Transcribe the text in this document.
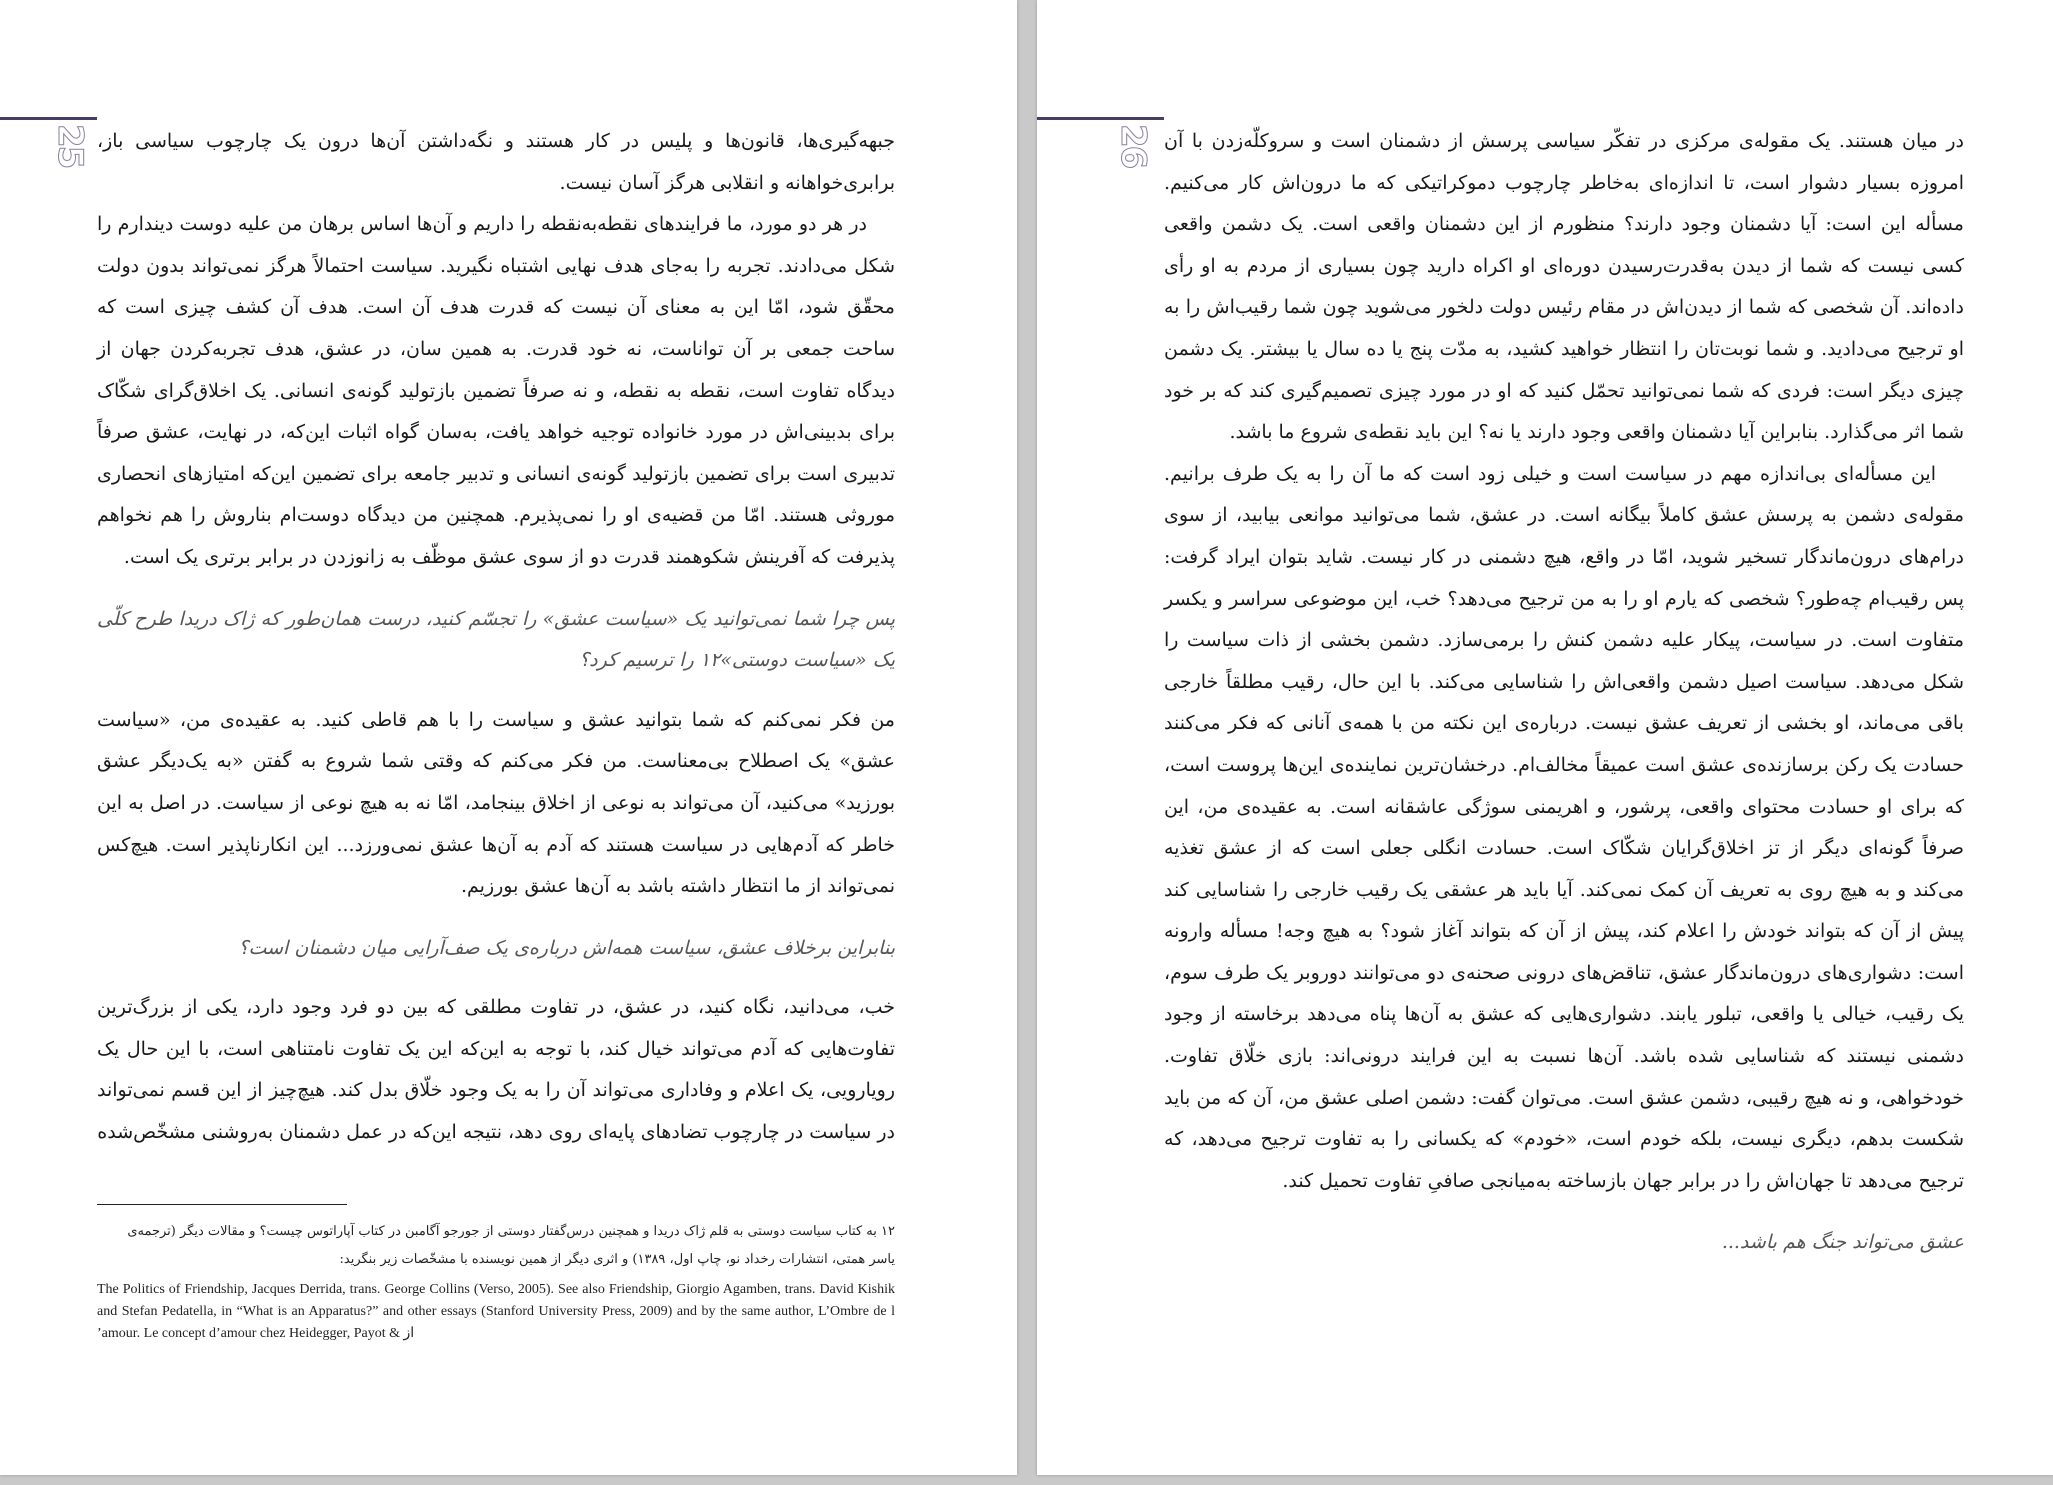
25 جبهه‌گیری‌ها، قانون‌ها و پلیس در کار هستند و نگه‌داشتن آن‌ها درون یک چارچوب سیاسی باز، برابری‌خواهانه و انقلابی هرگز آسان نیست.

در هر دو مورد، ما فرایندهای نقطه‌به‌نقطه را داریم و آن‌ها اساس برهان من علیه دوست دیندارم را شکل می‌دادند. تجربه را به‌جای هدف نهایی اشتباه نگیرید. سیاست احتمالاً هرگز نمی‌تواند بدون دولت محقّق شود، امّا این به معنای آن نیست که قدرت هدف آن است. هدف آن کشف چیزی است که ساحت جمعی بر آن تواناست، نه خود قدرت. به همین سان، در عشق، هدف تجربه‌کردن جهان از دیدگاه تفاوت است، نقطه به نقطه، و نه صرفاً تضمین بازتولید گونه‌ی انسانی. یک اخلاق‌گرای شکّاک برای بدبینی‌اش در مورد خانواده توجیه خواهد یافت، به‌سان گواه اثبات این‌که، در نهایت، عشق صرفاً تدبیری است برای تضمین بازتولید گونه‌ی انسانی و تدبیر جامعه برای تضمین این‌که امتیازهای انحصاری موروثی هستند. امّا من قضیه‌ی او را نمی‌پذیرم. همچنین من دیدگاه دوست‌ام بناروش را هم نخواهم پذیرفت که آفرینش شکوهمند قدرت دو از سوی عشق موظّف به زانوزدن در برابر برتری یک است.

پس چرا شما نمی‌توانید یک «سیاست عشق» را تجسّم کنید، درست همان‌طور که ژاک دریدا طرح کلّی یک «سیاست دوستی»۱۲ را ترسیم کرد؟

من فکر نمی‌کنم که شما بتوانید عشق و سیاست را با هم قاطی کنید. به عقیده‌ی من، «سیاست عشق» یک اصطلاح بی‌معناست. من فکر می‌کنم که وقتی شما شروع به گفتن «به یک‌دیگر عشق بورزید» می‌کنید، آن می‌تواند به نوعی از اخلاق بینجامد، امّا نه به هیچ نوعی از سیاست. در اصل به این خاطر که آدم‌هایی در سیاست هستند که آدم به آن‌ها عشق نمی‌ورزد... این انکارناپذیر است. هیچ‌کس نمی‌تواند از ما انتظار داشته باشد به آن‌ها عشق بورزیم.

بنابراین برخلاف عشق، سیاست همه‌اش درباره‌ی یک صف‌آرایی میان دشمنان است؟

خب، می‌دانید، نگاه کنید، در عشق، در تفاوت مطلقی که بین دو فرد وجود دارد، یکی از بزرگ‌ترین تفاوت‌هایی که آدم می‌تواند خیال کند، با توجه به این‌که این یک تفاوت نامتناهی است، با این حال یک رویارویی، یک اعلام و وفاداری می‌تواند آن را به یک وجود خلّاق بدل کند. هیچ‌چیز از این قسم نمی‌تواند در سیاست در چارچوب تضادهای پایه‌ای روی دهد، نتیجه این‌که در عمل دشمنان به‌روشنی مشخّص‌شده

۱۲ به کتاب سیاست دوستی به قلم ژاک دریدا و همچنین درس‌گفتار دوستی از جورجو آگامبن در کتاب آپاراتوس چیست؟ و مقالات دیگر (ترجمه‌ی
یاسر همتی، انتشارات رخداد نو، چاپ اول، ۱۳۸۹) و اثری دیگر از همین نویسنده با مشخّصات زیر بنگرید:
The Politics of Friendship, Jacques Derrida, trans. George Collins (Verso, 2005). See also Friendship, Giorgio Agamben, trans. David Kishik and Stefan Pedatella, in “What is an Apparatus?” and other essays (Stanford University Press, 2009) and by the same author, L’Ombre de l ’amour. Le concept d’amour chez Heidegger, Payot & از
26 در میان هستند. یک مقوله‌ی مرکزی در تفکّر سیاسی پرسش از دشمنان است و سروکلّه‌زدن با آن امروزه بسیار دشوار است، تا اندازه‌ای به‌خاطر چارچوب دموکراتیکی که ما درون‌اش کار می‌کنیم. مسأله این است: آیا دشمنان وجود دارند؟ منظورم از این دشمنان واقعی است. یک دشمن واقعی کسی نیست که شما از دیدن به‌قدرت‌رسیدن دوره‌ای او اکراه دارید چون بسیاری از مردم به او رأی داده‌اند. آن شخصی که شما از دیدن‌اش در مقام رئیس دولت دلخور می‌شوید چون شما رقیب‌اش را به او ترجیح می‌دادید. و شما نوبت‌تان را انتظار خواهید کشید، به مدّت پنج یا ده سال یا بیشتر. یک دشمن چیزی دیگر است: فردی که شما نمی‌توانید تحمّل کنید که او در مورد چیزی تصمیم‌گیری کند که بر خود شما اثر می‌گذارد. بنابراین آیا دشمنان واقعی وجود دارند یا نه؟ این باید نقطه‌ی شروع ما باشد.

این مسأله‌ای بی‌اندازه مهم در سیاست است و خیلی زود است که ما آن را به یک طرف برانیم. مقوله‌ی دشمن به پرسش عشق کاملاً بیگانه است. در عشق، شما می‌توانید موانعی بیابید، از سوی درام‌های درون‌ماندگار تسخیر شوید، امّا در واقع، هیچ دشمنی در کار نیست. شاید بتوان ایراد گرفت: پس رقیب‌ام چه‌طور؟ شخصی که یارم او را به من ترجیح می‌دهد؟ خب، این موضوعی سراسر و یکسر متفاوت است. در سیاست، پیکار علیه دشمن کنش را برمی‌سازد. دشمن بخشی از ذات سیاست را شکل می‌دهد. سیاست اصیل دشمن واقعی‌اش را شناسایی می‌کند. با این حال، رقیب مطلقاً خارجی باقی می‌ماند، او بخشی از تعریف عشق نیست. درباره‌ی این نکته من با همه‌ی آنانی که فکر می‌کنند حسادت یک رکن برسازنده‌ی عشق است عمیقاً مخالف‌ام. درخشان‌ترین نماینده‌ی این‌ها پروست است، که برای او حسادت محتوای واقعی، پرشور، و اهریمنی سوژگی عاشقانه است. به عقیده‌ی من، این صرفاً گونه‌ای دیگر از تز اخلاق‌گرایان شکّاک است. حسادت انگلی جعلی است که از عشق تغذیه می‌کند و به هیچ روی به تعریف آن کمک نمی‌کند. آیا باید هر عشقی یک رقیب خارجی را شناسایی کند پیش از آن که بتواند خودش را اعلام کند، پیش از آن که بتواند آغاز شود؟ به هیچ وجه! مسأله وارونه است: دشواری‌های درون‌ماندگار عشق، تناقض‌های درونی صحنه‌ی دو می‌توانند دوروبر یک طرف سوم، یک رقیب، خیالی یا واقعی، تبلور یابند. دشواری‌هایی که عشق به آن‌ها پناه می‌دهد برخاسته از وجود دشمنی نیستند که شناسایی شده باشد. آن‌ها نسبت به این فرایند درونی‌اند: بازی خلّاق تفاوت. خودخواهی، و نه هیچ رقیبی، دشمن عشق است. می‌توان گفت: دشمن اصلی عشق من، آن که من باید شکست بدهم، دیگری نیست، بلکه خودم است، «خودم» که یکسانی را به تفاوت ترجیح می‌دهد، که ترجیح می‌دهد تا جهان‌اش را در برابر جهان بازساخته به‌میانجی صافیِ تفاوت تحمیل کند.

عشق می‌تواند جنگ هم باشد...
